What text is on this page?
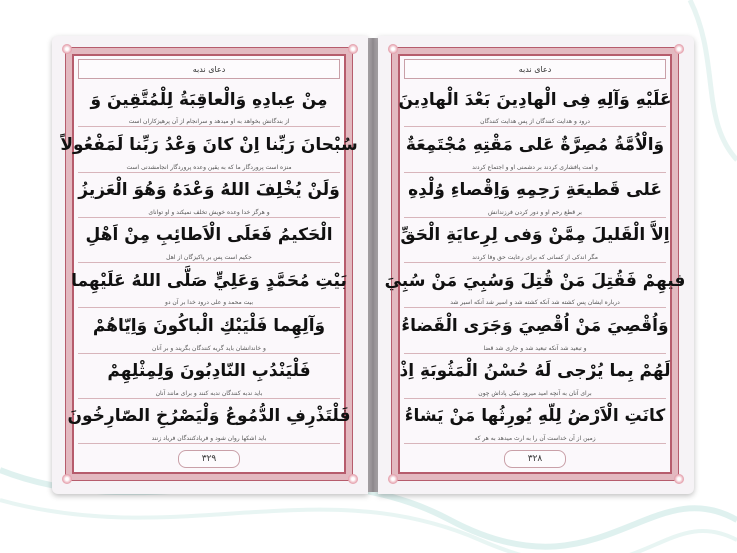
دعای ندبه
مِنْ عِبادِهِ وَالْعاقِبَةُ لِلْمُتَّقِينَ وَ
از بندگانش بخواهد به او میدهد و سرانجام از آن پرهیزکاران است
سُبْحانَ رَبِّنا اِنْ كانَ وَعْدُ رَبِّنا لَمَفْعُولاً
منزه است پروردگار ما که به یقین وعده پروردگار انجامشدنی است
وَلَنْ يُخْلِفَ اللهُ وَعْدَهُ وَهُوَ الْعَزيزُ
و هرگز خدا وعده خویش تخلف نمیکند و او توانای
الْحَكيمُ فَعَلَى الْاَطائِبِ مِنْ اَهْلِ
حکیم است پس بر پاکیزگان از اهل
بَيْتِ مُحَمَّدٍ وَعَلِيٍّ صَلَّى اللهُ عَلَيْهِما
بیت محمد و علی درود خدا بر آن دو
وَآلِهِما فَلْيَبْكِ الْباكُونَ وَاِيّاهُمْ
و خاندانشان باید گریه کنندگان بگریند و بر آنان
فَلْيَنْدُبِ النّادِبُونَ وَلِمِثْلِهِمْ
باید ندبه کنندگان ندبه کنند و برای مانند آنان
فَلْتَذْرِفِ الدُّمُوعُ وَلْيَصْرُخِ الصّارِخُونَ
باید اشکها روان شود و فریادکنندگان فریاد زنند
۳۲۹
دعای ندبه
عَلَيْهِ وَآلِهِ فِى الْهادِينَ بَعْدَ الْهادِينَ
درود و هدایت کنندگان از پس هدایت کنندگان
وَالْاُمَّةُ مُصِرَّةٌ عَلى مَقْتِهِ مُجْتَمِعَةٌ
و امت پافشاری کردند بر دشمنی او و اجتماع کردند
عَلى قَطيعَةِ رَحِمِهِ وَاِقْصاءِ وُلْدِهِ
بر قطع رحم او و دور کردن فرزندانش
اِلاَّ الْقَليلَ مِمَّنْ وَفى لِرِعايَةِ الْحَقِّ
مگر اندکی از کسانی که برای رعایت حق وفا کردند
فيهِمْ فَقُتِلَ مَنْ قُتِلَ وَسُبِيَ مَنْ سُبِيَ
درباره ایشان پس کشته شد آنکه کشته شد و اسیر شد آنکه اسیر شد
وَاُقْصِيَ مَنْ اُقْصِيَ وَجَرَى الْقَضاءُ
و تبعید شد آنکه تبعید شد و جاری شد قضا
لَهُمْ بِما يُرْجى لَهُ حُسْنُ الْمَثُوبَةِ اِذْ
برای آنان به آنچه امید میرود نیکی پاداش چون
كانَتِ الْاَرْضُ لِلّهِ يُورِثُها مَنْ يَشاءُ
زمین از آن خداست آن را به ارث میدهد به هر که
۳۲۸
